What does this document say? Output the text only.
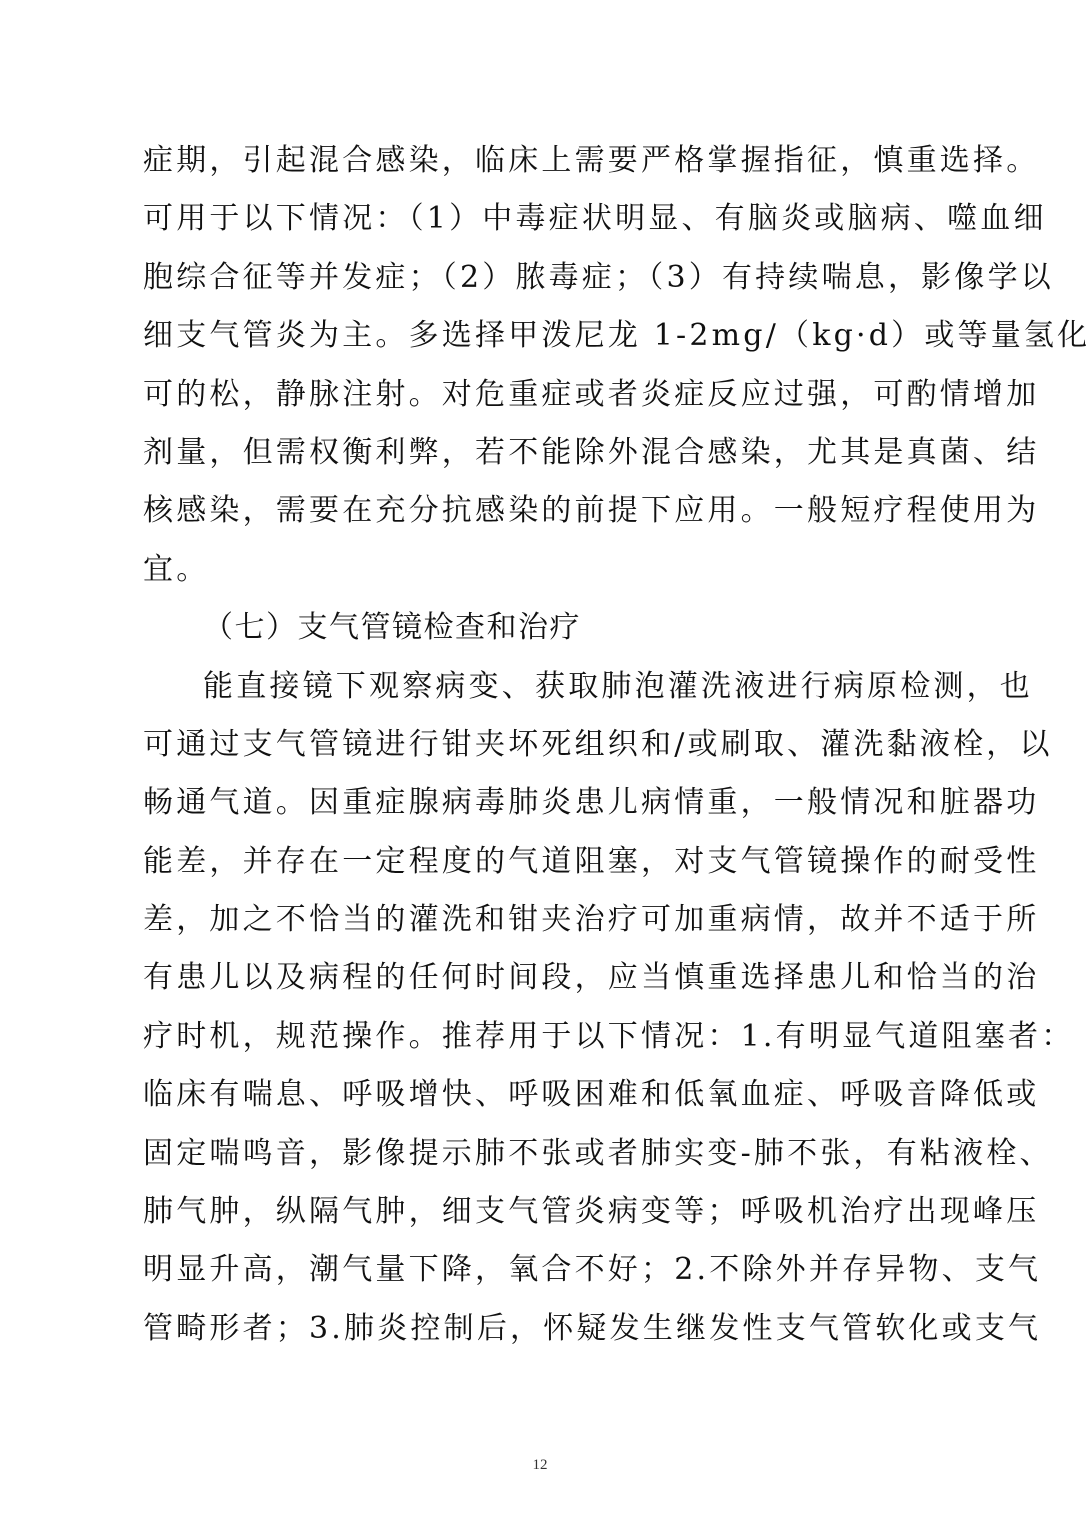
症期，引起混合感染，临床上需要严格掌握指征，慎重选择。
可用于以下情况：（1）中毒症状明显、有脑炎或脑病、噬血细
胞综合征等并发症；（2）脓毒症；（3）有持续喘息，影像学以
细支气管炎为主。多选择甲泼尼龙 1-2mg/（kg·d）或等量氢化
可的松，静脉注射。对危重症或者炎症反应过强，可酌情增加
剂量，但需权衡利弊，若不能除外混合感染，尤其是真菌、结
核感染，需要在充分抗感染的前提下应用。一般短疗程使用为
宜。
（七）支气管镜检查和治疗
能直接镜下观察病变、获取肺泡灌洗液进行病原检测，也
可通过支气管镜进行钳夹坏死组织和/或刷取、灌洗黏液栓，以
畅通气道。因重症腺病毒肺炎患儿病情重，一般情况和脏器功
能差，并存在一定程度的气道阻塞，对支气管镜操作的耐受性
差，加之不恰当的灌洗和钳夹治疗可加重病情，故并不适于所
有患儿以及病程的任何时间段，应当慎重选择患儿和恰当的治
疗时机，规范操作。推荐用于以下情况：1.有明显气道阻塞者：
临床有喘息、呼吸增快、呼吸困难和低氧血症、呼吸音降低或
固定喘鸣音，影像提示肺不张或者肺实变-肺不张，有粘液栓、
肺气肿，纵隔气肿，细支气管炎病变等；呼吸机治疗出现峰压
明显升高，潮气量下降，氧合不好；2.不除外并存异物、支气
管畸形者；3.肺炎控制后，怀疑发生继发性支气管软化或支气
12
